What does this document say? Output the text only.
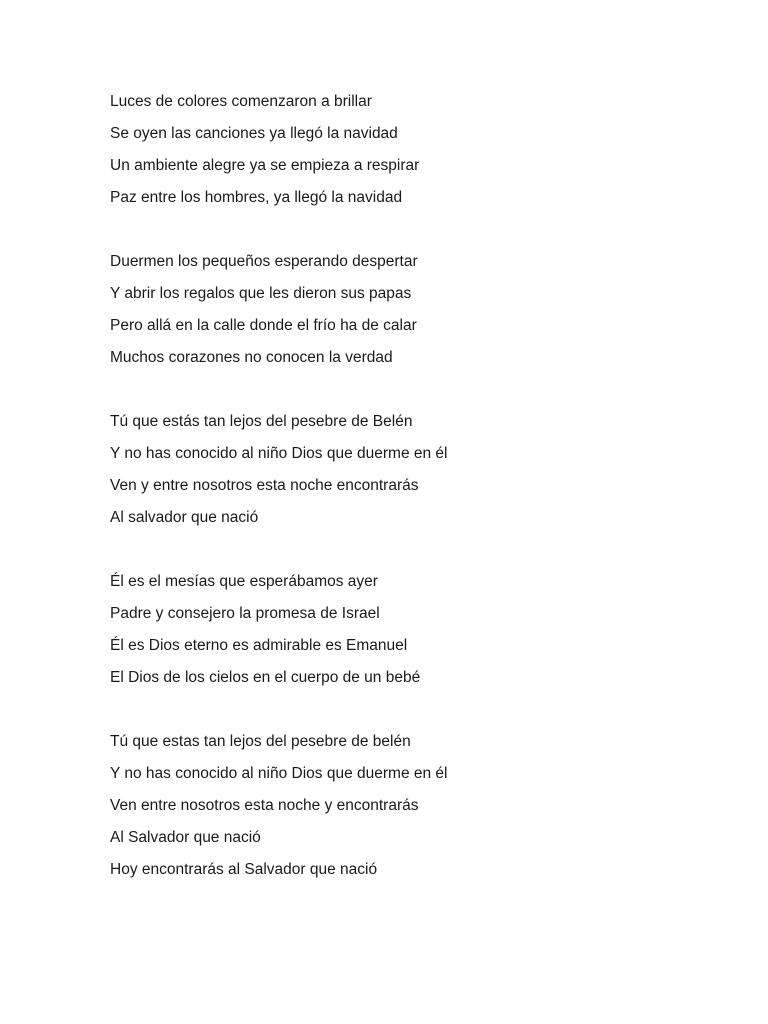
Luces de colores comenzaron a brillar
Se oyen las canciones ya llegó la navidad
Un ambiente alegre ya se empieza a respirar
Paz entre los hombres, ya llegó la navidad
Duermen los pequeños esperando despertar
Y abrir los regalos que les dieron sus papas
Pero allá en la calle donde el frío ha de calar
Muchos corazones no conocen la verdad
Tú que estás tan lejos del pesebre de Belén
Y no has conocido al niño Dios que duerme en él
Ven y entre nosotros esta noche encontrarás
Al salvador que nació
Él es el mesías que esperábamos ayer
Padre y consejero la promesa de Israel
Él es Dios eterno es admirable es Emanuel
El Dios de los cielos en el cuerpo de un bebé
Tú que estas tan lejos del pesebre de belén
Y no has conocido al niño Dios que duerme en él
Ven entre nosotros esta noche y encontrarás
Al Salvador que nació
Hoy encontrarás al Salvador que nació
